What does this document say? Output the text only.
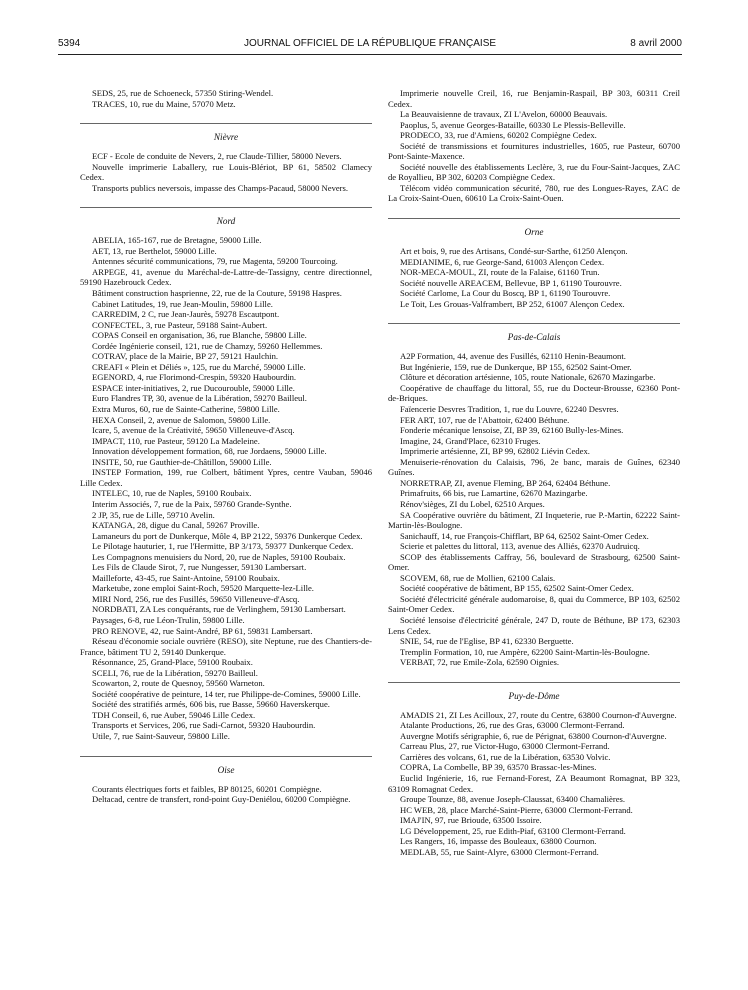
5394	JOURNAL OFFICIEL DE LA RÉPUBLIQUE FRANÇAISE	8 avril 2000

SEDS, 25, rue de Schoeneck, 57350 Stiring-Wendel.

TRACES, 10, rue du Maine, 57070 Metz.

Nièvre

ECF - Ecole de conduite de Nevers, 2, rue Claude-Tillier, 58000 Nevers.

Nouvelle imprimerie Laballery, rue Louis-Blériot, BP 61, 58502 Clamecy Cedex.

Transports publics neversois, impasse des Champs-Pacaud, 58000 Nevers.

Nord

ABELIA, 165-167, rue de Bretagne, 59000 Lille.

AET, 13, rue Berthelot, 59000 Lille.

Antennes sécurité communications, 79, rue Magenta, 59200 Tourcoing.

ARPEGE, 41, avenue du Maréchal-de-Lattre-de-Tassigny, centre directionnel, 59190 Hazebrouck Cedex.

Bâtiment construction hasprienne, 22, rue de la Couture, 59198 Haspres.

Cabinet Latitudes, 19, rue Jean-Moulin, 59800 Lille.

CARREDIM, 2 C, rue Jean-Jaurès, 59278 Escautpont.

CONFECTEL, 3, rue Pasteur, 59188 Saint-Aubert.

COPAS Conseil en organisation, 36, rue Blanche, 59800 Lille.

Cordée Ingénierie conseil, 121, rue de Chamzy, 59260 Hellemmes.

COTRAV, place de la Mairie, BP 27, 59121 Haulchin.

CREAFI « Plein et Déliés », 125, rue du Marché, 59000 Lille.

EGENORD, 4, rue Florimond-Crespin, 59320 Haubourdin.

ESPACE inter-initiatives, 2, rue Ducourouble, 59000 Lille.

Euro Flandres TP, 30, avenue de la Libération, 59270 Bailleul.

Extra Muros, 60, rue de Sainte-Catherine, 59800 Lille.

HEXA Conseil, 2, avenue de Salomon, 59800 Lille.

Icare, 5, avenue de la Créativité, 59650 Villeneuve-d'Ascq.

IMPACT, 110, rue Pasteur, 59120 La Madeleine.

Innovation développement formation, 68, rue Jordaens, 59000 Lille.

INSITE, 50, rue Gauthier-de-Châtillon, 59000 Lille.

INSTEP Formation, 199, rue Colbert, bâtiment Ypres, centre Vauban, 59046 Lille Cedex.

INTELEC, 10, rue de Naples, 59100 Roubaix.

Interim Associés, 7, rue de la Paix, 59760 Grande-Synthe.

2 JP, 35, rue de Lille, 59710 Avelin.

KATANGA, 28, digue du Canal, 59267 Proville.

Lamaneurs du port de Dunkerque, Môle 4, BP 2122, 59376 Dunkerque Cedex.

Le Pilotage hauturier, 1, rue l'Hermitte, BP 3/173, 59377 Dunkerque Cedex.

Les Compagnons menuisiers du Nord, 20, rue de Naples, 59100 Roubaix.

Les Fils de Claude Sirot, 7, rue Nungesser, 59130 Lambersart.

Mailleforte, 43-45, rue Saint-Antoine, 59100 Roubaix.

Marketube, zone emploi Saint-Roch, 59520 Marquette-lez-Lille.

MIRI Nord, 256, rue des Fusillés, 59650 Villeneuve-d'Ascq.

NORDBATI, ZA Les conquérants, rue de Verlinghem, 59130 Lambersart.

Paysages, 6-8, rue Léon-Trulin, 59800 Lille.

PRO RENOVE, 42, rue Saint-André, BP 61, 59831 Lambersart.

Réseau d'économie sociale ouvrière (RESO), site Neptune, rue des Chantiers-de-France, bâtiment TU 2, 59140 Dunkerque.

Résonnance, 25, Grand-Place, 59100 Roubaix.

SCELI, 76, rue de la Libération, 59270 Bailleul.

Scowarton, 2, route de Quesnoy, 59560 Warneton.

Société coopérative de peinture, 14 ter, rue Philippe-de-Comines, 59000 Lille.

Société des stratifiés armés, 606 bis, rue Basse, 59660 Haverskerque.

TDH Conseil, 6, rue Auber, 59046 Lille Cedex.

Transports et Services, 206, rue Sadi-Carnot, 59320 Haubourdin.

Utile, 7, rue Saint-Sauveur, 59800 Lille.

Oise

Courants électriques forts et faibles, BP 80125, 60201 Compiègne.

Deltacad, centre de transfert, rond-point Guy-Deniélou, 60200 Compiègne.

Imprimerie nouvelle Creil, 16, rue Benjamin-Raspail, BP 303, 60311 Creil Cedex.

La Beauvaisienne de travaux, ZI L'Avelon, 60000 Beauvais.

Paoplus, 5, avenue Georges-Bataille, 60330 Le Plessis-Belleville.

PRODECO, 33, rue d'Amiens, 60202 Compiègne Cedex.

Société de transmissions et fournitures industrielles, 1605, rue Pasteur, 60700 Pont-Sainte-Maxence.

Société nouvelle des établissements Leclère, 3, rue du Four-Saint-Jacques, ZAC de Royallieu, BP 302, 60203 Compiègne Cedex.

Télécom vidéo communication sécurité, 780, rue des Longues-Rayes, ZAC de La Croix-Saint-Ouen, 60610 La Croix-Saint-Ouen.

Orne

Art et bois, 9, rue des Artisans, Condé-sur-Sarthe, 61250 Alençon.

MEDIANIME, 6, rue George-Sand, 61003 Alençon Cedex.

NOR-MECA-MOUL, ZI, route de la Falaise, 61160 Trun.

Société nouvelle AREACEM, Bellevue, BP 1, 61190 Tourouvre.

Société Carlome, La Cour du Boscq, BP 1, 61190 Tourouvre.

Le Toit, Les Grouas-Valframbert, BP 252, 61007 Alençon Cedex.

Pas-de-Calais

A2P Formation, 44, avenue des Fusillés, 62110 Henin-Beaumont.

But Ingénierie, 159, rue de Dunkerque, BP 155, 62502 Saint-Omer.

Clôture et décoration artésienne, 105, route Nationale, 62670 Mazingarbe.

Coopérative de chauffage du littoral, 55, rue du Docteur-Brousse, 62360 Pont-de-Briques.

Faïencerie Desvres Tradition, 1, rue du Louvre, 62240 Desvres.

FER ART, 107, rue de l'Abattoir, 62400 Béthune.

Fonderie mécanique lensoise, ZI, BP 39, 62160 Bully-les-Mines.

Imagine, 24, Grand'Place, 62310 Fruges.

Imprimerie artésienne, ZI, BP 99, 62802 Liévin Cedex.

Menuiserie-rénovation du Calaisis, 796, 2e banc, marais de Guînes, 62340 Guînes.

NORRETRAP, ZI, avenue Fleming, BP 264, 62404 Béthune.

Primafruits, 66 bis, rue Lamartine, 62670 Mazingarbe.

Rénov'sièges, ZI du Lobel, 62510 Arques.

SA Coopérative ouvrière du bâtiment, ZI Inqueterie, rue P.-Martin, 62222 Saint-Martin-lès-Boulogne.

Sanichauff, 14, rue François-Chifflart, BP 64, 62502 Saint-Omer Cedex.

Scierie et palettes du littoral, 113, avenue des Alliés, 62370 Audruicq.

SCOP des établissements Caffray, 56, boulevard de Strasbourg, 62500 Saint-Omer.

SCOVEM, 68, rue de Mollien, 62100 Calais.

Société coopérative de bâtiment, BP 155, 62502 Saint-Omer Cedex.

Société d'électricité générale audomaroise, 8, quai du Commerce, BP 103, 62502 Saint-Omer Cedex.

Société lensoise d'électricité générale, 247 D, route de Béthune, BP 173, 62303 Lens Cedex.

SNIE, 54, rue de l'Eglise, BP 41, 62330 Berguette.

Tremplin Formation, 10, rue Ampère, 62200 Saint-Martin-lès-Boulogne.

VERBAT, 72, rue Emile-Zola, 62590 Oignies.

Puy-de-Dôme

AMADIS 21, ZI Les Acilloux, 27, route du Centre, 63800 Cournon-d'Auvergne.

Atalante Productions, 26, rue des Gras, 63000 Clermont-Ferrand.

Auvergne Motifs sérigraphie, 6, rue de Pérignat, 63800 Cournon-d'Auvergne.

Carreau Plus, 27, rue Victor-Hugo, 63000 Clermont-Ferrand.

Carrières des volcans, 61, rue de la Libération, 63530 Volvic.

COPRA, La Combelle, BP 39, 63570 Brassac-les-Mines.

Euclid Ingénierie, 16, rue Fernand-Forest, ZA Beaumont Romagnat, BP 323, 63109 Romagnat Cedex.

Groupe Tounze, 88, avenue Joseph-Claussat, 63400 Chamalières.

HC WEB, 28, place Marché-Saint-Pierre, 63000 Clermont-Ferrand.

IMAJ'IN, 97, rue Brioude, 63500 Issoire.

LG Développement, 25, rue Edith-Piaf, 63100 Clermont-Ferrand.

Les Rangers, 16, impasse des Bouleaux, 63800 Cournon.

MEDLAB, 55, rue Saint-Alyre, 63000 Clermont-Ferrand.
